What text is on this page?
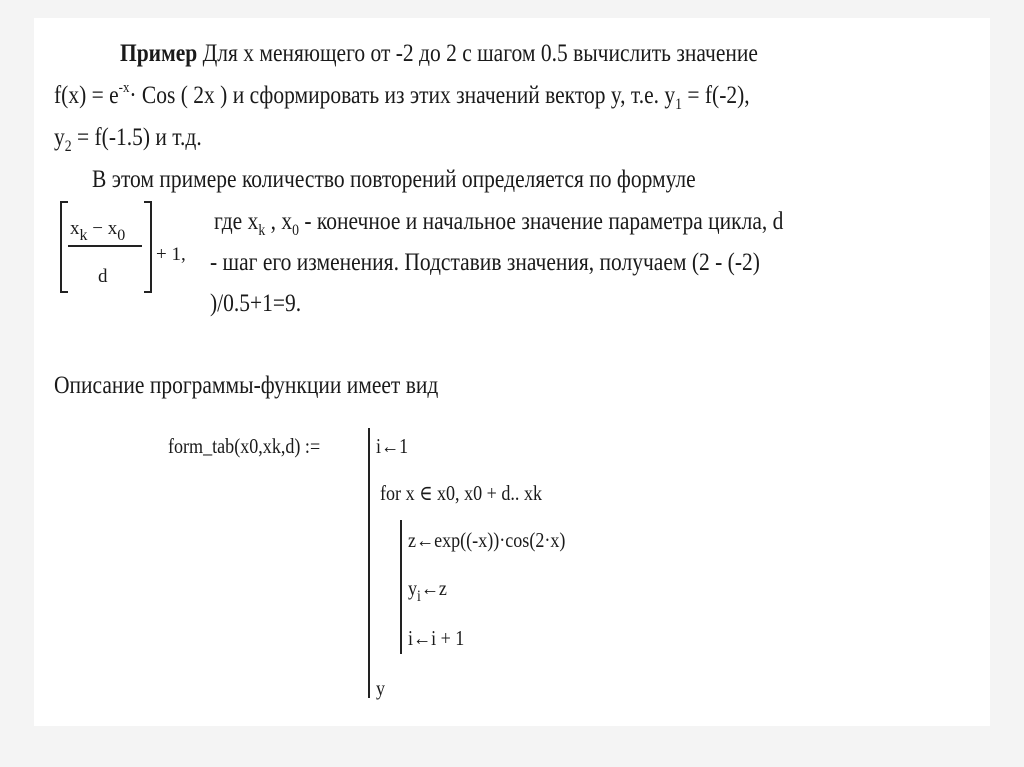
Пример Для x меняющего от -2 до 2 с шагом 0.5 вычислить значение
$f(x) = e^{-x}\cdot$ Cos ( 2x ) и сформировать из этих значений вектор y, т.е. $y_1 = f(-2)$,
$y_2 = f(-1.5)$ и т.д.
В этом примере количество повторений определяется по формуле
$x_k - x_0$
d
+ 1,
где $x_k$ , $x_0$ - конечное и начальное значение параметра цикла, d
- шаг его изменения. Подставив значения, получаем (2 - (-2)
)/0.5+1=9.
Описание программы-функции имеет вид
form_tab(x0,xk,d) :=	i←1
for x ∈ x0, x0 + d.. xk
z←exp((-x))·cos(2·x)
$y_i\leftarrow z$
i←i + 1
y
